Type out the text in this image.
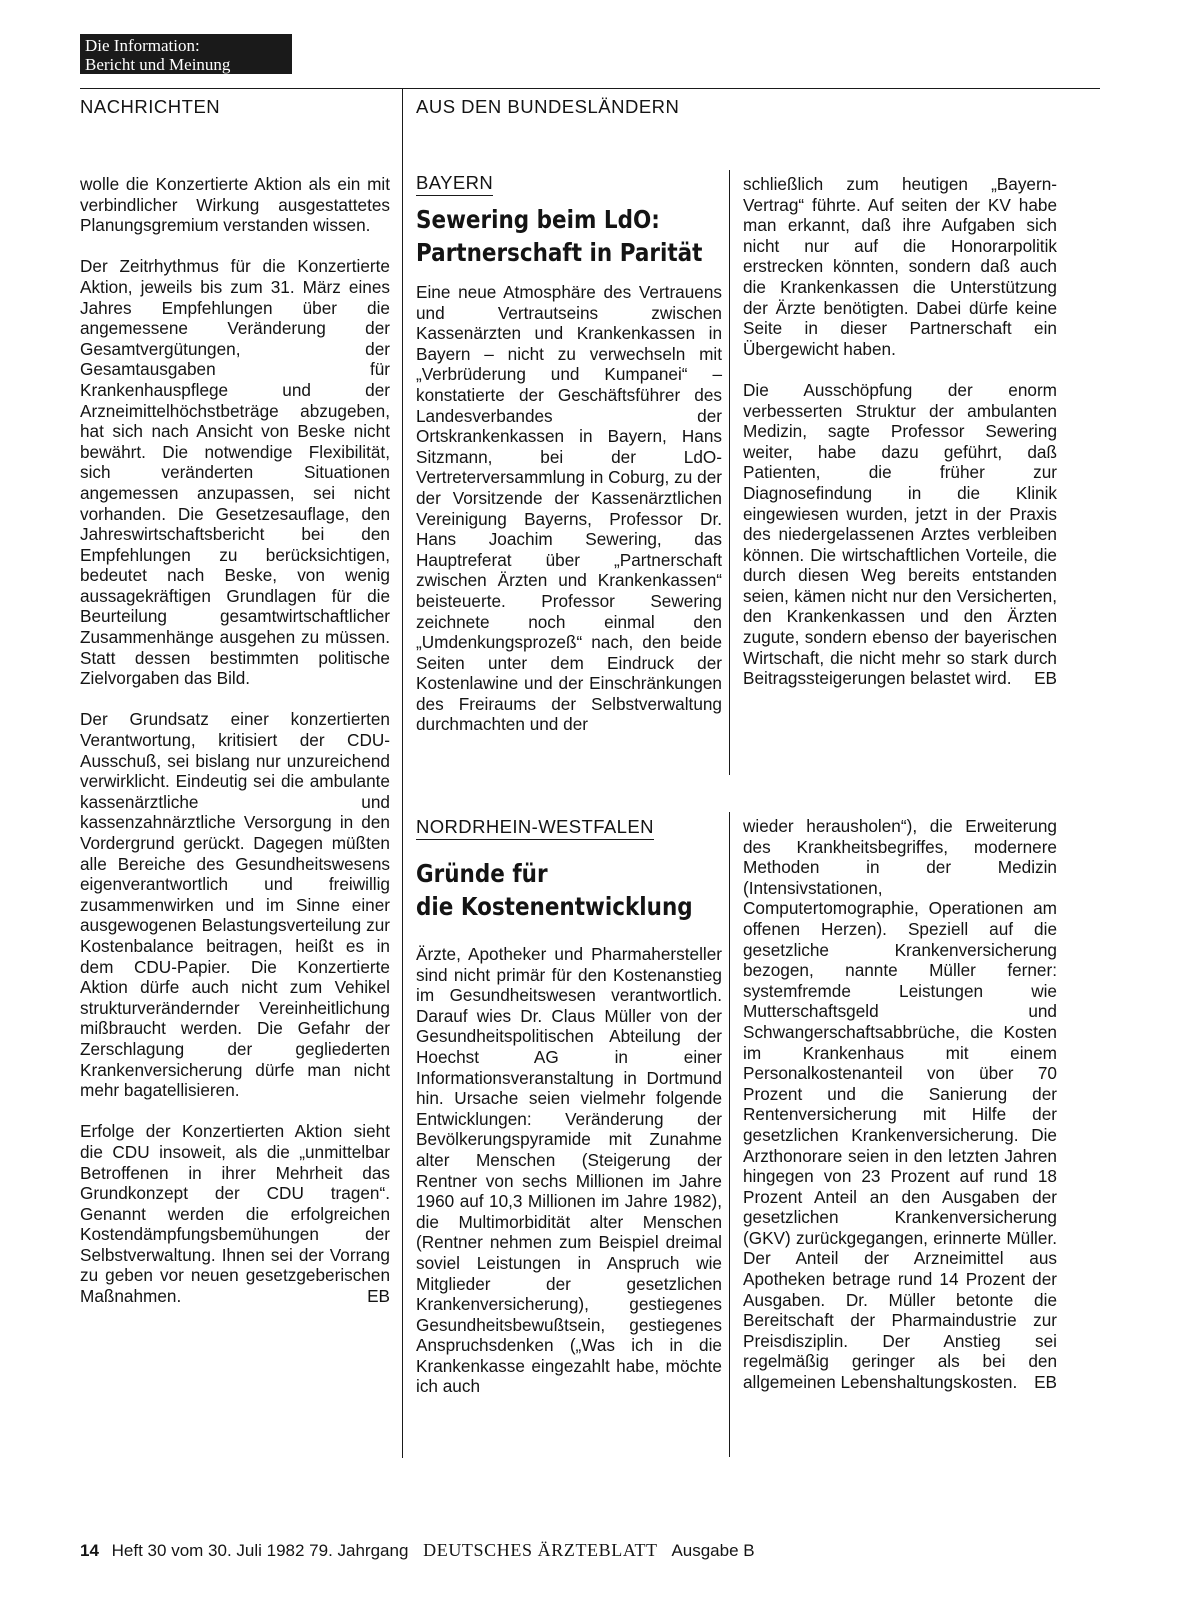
Die Information:
Bericht und Meinung
NACHRICHTEN	AUS DEN BUNDESLÄNDERN

wolle die Konzertierte Aktion als ein mit verbindlicher Wirkung ausgestattetes Planungsgremium verstanden wissen.

Der Zeitrhythmus für die Konzertierte Aktion, jeweils bis zum 31. März eines Jahres Empfehlungen über die angemessene Veränderung der Gesamtvergütungen, der Gesamtausgaben für Krankenhauspflege und der Arzneimittelhöchstbeträge abzugeben, hat sich nach Ansicht von Beske nicht bewährt. Die notwendige Flexibilität, sich veränderten Situationen angemessen anzupassen, sei nicht vorhanden. Die Gesetzesauflage, den Jahreswirtschaftsbericht bei den Empfehlungen zu berücksichtigen, bedeutet nach Beske, von wenig aussagekräftigen Grundlagen für die Beurteilung gesamtwirtschaftlicher Zusammenhänge ausgehen zu müssen. Statt dessen bestimmten politische Zielvorgaben das Bild.

Der Grundsatz einer konzertierten Verantwortung, kritisiert der CDU-Ausschuß, sei bislang nur unzureichend verwirklicht. Eindeutig sei die ambulante kassenärztliche und kassenzahnärztliche Versorgung in den Vordergrund gerückt. Dagegen müßten alle Bereiche des Gesundheitswesens eigenverantwortlich und freiwillig zusammenwirken und im Sinne einer ausgewogenen Belastungsverteilung zur Kostenbalance beitragen, heißt es in dem CDU-Papier. Die Konzertierte Aktion dürfe auch nicht zum Vehikel strukturverändernder Vereinheitlichung mißbraucht werden. Die Gefahr der Zerschlagung der gegliederten Krankenversicherung dürfe man nicht mehr bagatellisieren.

Erfolge der Konzertierten Aktion sieht die CDU insoweit, als die „unmittelbar Betroffenen in ihrer Mehrheit das Grundkonzept der CDU tragen“. Genannt werden die erfolgreichen Kostendämpfungsbemühungen der Selbstverwaltung. Ihnen sei der Vorrang zu geben vor neuen gesetzgeberischen Maßnahmen.	EB

BAYERN
Sewering beim LdO:
Partnerschaft in Parität

Eine neue Atmosphäre des Vertrauens und Vertrautseins zwischen Kassenärzten und Krankenkassen in Bayern – nicht zu verwechseln mit „Verbrüderung und Kumpanei“ – konstatierte der Geschäftsführer des Landesverbandes der Ortskrankenkassen in Bayern, Hans Sitzmann, bei der LdO-Vertreterversammlung in Coburg, zu der der Vorsitzende der Kassenärztlichen Vereinigung Bayerns, Professor Dr. Hans Joachim Sewering, das Hauptreferat über „Partnerschaft zwischen Ärzten und Krankenkassen“ beisteuerte. Professor Sewering zeichnete noch einmal den „Umdenkungsprozeß“ nach, den beide Seiten unter dem Eindruck der Kostenlawine und der Einschränkungen des Freiraums der Selbstverwaltung durchmachten und der

schließlich zum heutigen „Bayern-Vertrag“ führte. Auf seiten der KV habe man erkannt, daß ihre Aufgaben sich nicht nur auf die Honorarpolitik erstrecken könnten, sondern daß auch die Krankenkassen die Unterstützung der Ärzte benötigten. Dabei dürfe keine Seite in dieser Partnerschaft ein Übergewicht haben.

Die Ausschöpfung der enorm verbesserten Struktur der ambulanten Medizin, sagte Professor Sewering weiter, habe dazu geführt, daß Patienten, die früher zur Diagnosefindung in die Klinik eingewiesen wurden, jetzt in der Praxis des niedergelassenen Arztes verbleiben können. Die wirtschaftlichen Vorteile, die durch diesen Weg bereits entstanden seien, kämen nicht nur den Versicherten, den Krankenkassen und den Ärzten zugute, sondern ebenso der bayerischen Wirtschaft, die nicht mehr so stark durch Beitragssteigerungen belastet wird. EB

NORDRHEIN-WESTFALEN
Gründe für
die Kostenentwicklung

Ärzte, Apotheker und Pharmahersteller sind nicht primär für den Kostenanstieg im Gesundheitswesen verantwortlich. Darauf wies Dr. Claus Müller von der Gesundheitspolitischen Abteilung der Hoechst AG in einer Informationsveranstaltung in Dortmund hin. Ursache seien vielmehr folgende Entwicklungen: Veränderung der Bevölkerungspyramide mit Zunahme alter Menschen (Steigerung der Rentner von sechs Millionen im Jahre 1960 auf 10,3 Millionen im Jahre 1982), die Multimorbidität alter Menschen (Rentner nehmen zum Beispiel dreimal soviel Leistungen in Anspruch wie Mitglieder der gesetzlichen Krankenversicherung), gestiegenes Gesundheitsbewußtsein, gestiegenes Anspruchsdenken („Was ich in die Krankenkasse eingezahlt habe, möchte ich auch

wieder herausholen“), die Erweiterung des Krankheitsbegriffes, modernere Methoden in der Medizin (Intensivstationen, Computertomographie, Operationen am offenen Herzen). Speziell auf die gesetzliche Krankenversicherung bezogen, nannte Müller ferner: systemfremde Leistungen wie Mutterschaftsgeld und Schwangerschaftsabbrüche, die Kosten im Krankenhaus mit einem Personalkostenanteil von über 70 Prozent und die Sanierung der Rentenversicherung mit Hilfe der gesetzlichen Krankenversicherung. Die Arzthonorare seien in den letzten Jahren hingegen von 23 Prozent auf rund 18 Prozent Anteil an den Ausgaben der gesetzlichen Krankenversicherung (GKV) zurückgegangen, erinnerte Müller. Der Anteil der Arzneimittel aus Apotheken betrage rund 14 Prozent der Ausgaben. Dr. Müller betonte die Bereitschaft der Pharmaindustrie zur Preisdisziplin. Der Anstieg sei regelmäßig geringer als bei den allgemeinen Lebenshaltungskosten. EB

14 Heft 30 vom 30. Juli 1982 79. Jahrgang DEUTSCHES ÄRZTEBLATT Ausgabe B
